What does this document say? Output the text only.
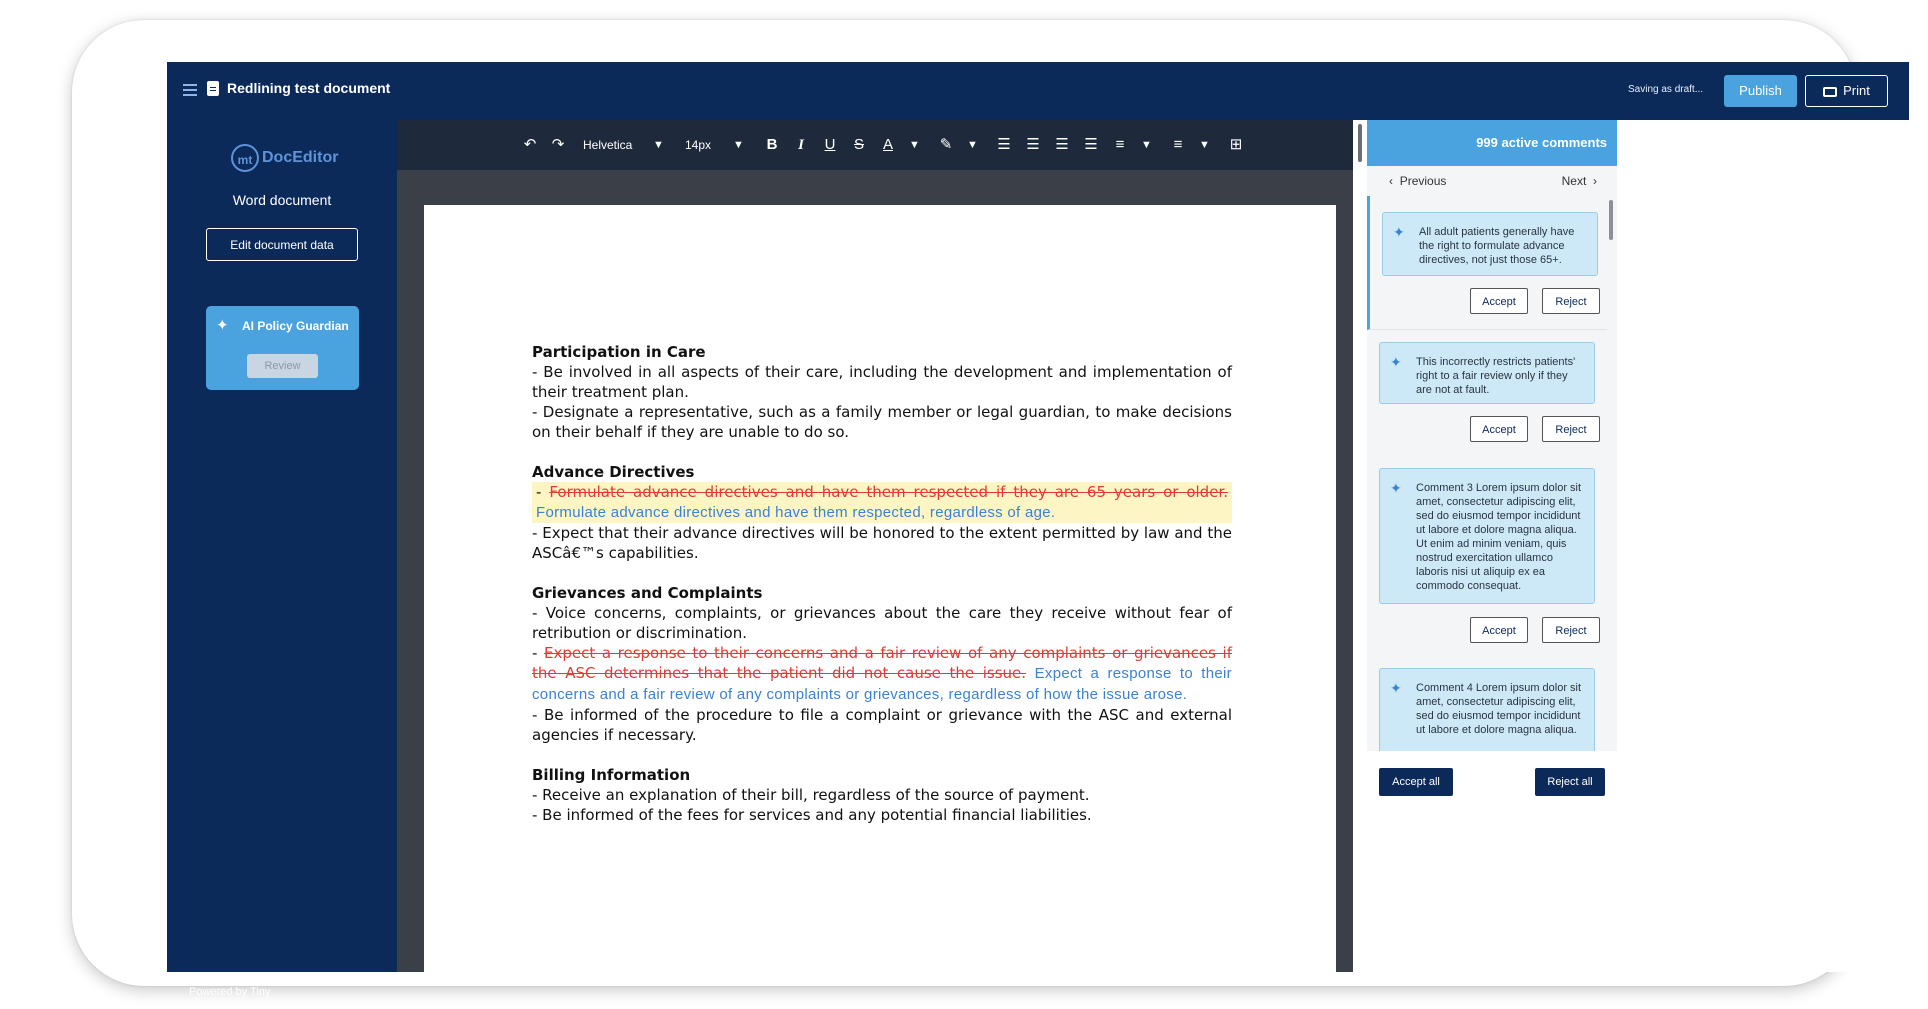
Redlining test document	Saving as draft...	Publish	Print
mt DocEditor
Word document
Edit document data
✦ AI Policy Guardian
Review
Powered by Tiny
↶	↷	Helvetica	▼ 14px	▼	B	I	U	S	A	▼	✎	▼ ☰ ☰ ☰ ☰	≡	▼	≡	▼	⊞

Participation in Care

- Be involved in all aspects of their care, including the development and implementation of their treatment plan.

- Designate a representative, such as a family member or legal guardian, to make decisions on their behalf if they are unable to do so.

Advance Directives

- Formulate advance directives and have them respected if they are 65 years or older. Formulate advance directives and have them respected, regardless of age.

- Expect that their advance directives will be honored to the extent permitted by law and the ASCâ€™s capabilities.

Grievances and Complaints

- Voice concerns, complaints, or grievances about the care they receive without fear of retribution or discrimination.

- Expect a response to their concerns and a fair review of any complaints or grievances if the ASC determines that the patient did not cause the issue. Expect a response to their concerns and a fair review of any complaints or grievances, regardless of how the issue arose.

- Be informed of the procedure to file a complaint or grievance with the ASC and external agencies if necessary.

Billing Information

- Receive an explanation of their bill, regardless of the source of payment.

- Be informed of the fees for services and any potential financial liabilities.

999 active comments
‹  Previous	Next ›
✦ All adult patients generally have the right to formulate advance directives, not just those 65+.
Accept	Reject
✦ This incorrectly restricts patients' right to a fair review only if they are not at fault.
Accept	Reject
✦ Comment 3 Lorem ipsum dolor sit amet, consectetur adipiscing elit, sed do eiusmod tempor incididunt ut labore et dolore magna aliqua. Ut enim ad minim veniam, quis nostrud exercitation ullamco laboris nisi ut aliquip ex ea commodo consequat.
Accept	Reject
✦ Comment 4 Lorem ipsum dolor sit amet, consectetur adipiscing elit, sed do eiusmod tempor incididunt ut labore et dolore magna aliqua.
Accept all	Reject all
